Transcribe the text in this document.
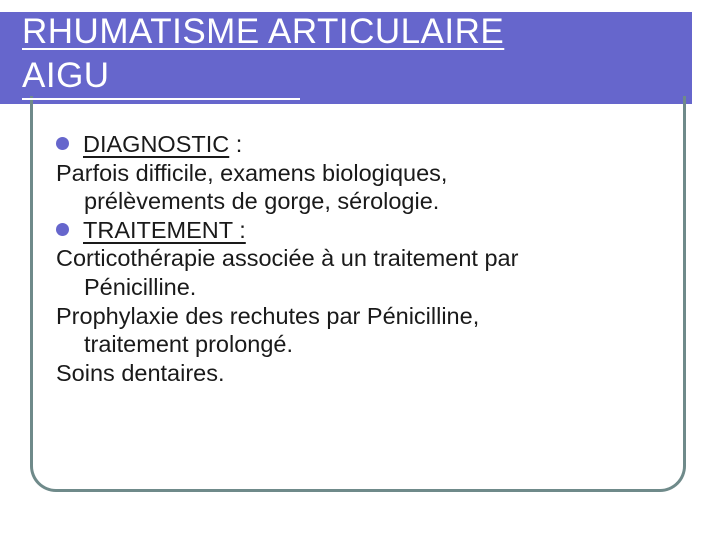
RHUMATISME ARTICULAIRE
AIGU
DIAGNOSTIC :

Parfois difficile, examens biologiques,

prélèvements de gorge, sérologie.

TRAITEMENT :

Corticothérapie associée à un traitement par

Pénicilline.

Prophylaxie des rechutes par Pénicilline,

traitement prolongé.

Soins dentaires.
